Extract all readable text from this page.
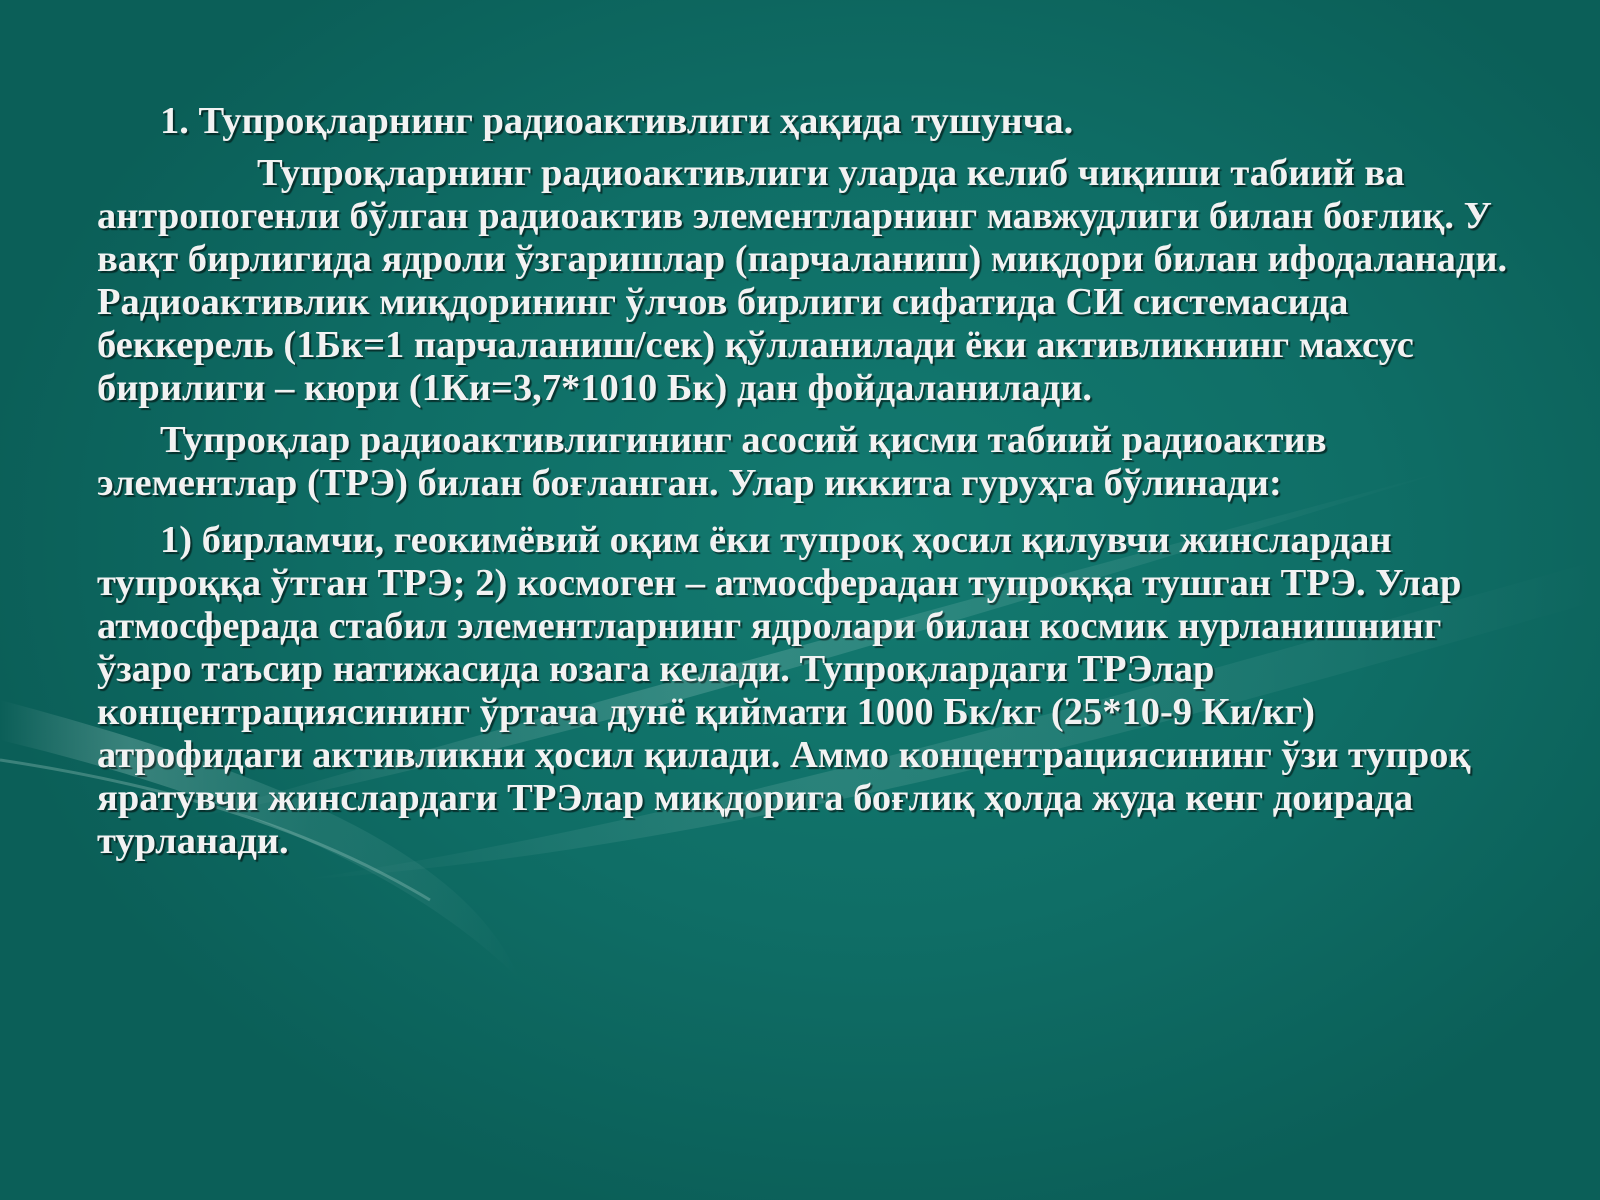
1. Тупроқларнинг радиоактивлиги ҳақида тушунча.

Тупроқларнинг радиоактивлиги уларда келиб чиқиши табиий ва антропогенли бўлган радиоактив элементларнинг мавжудлиги билан боғлиқ. У вақт бирлигида ядроли ўзгаришлар (парчаланиш) миқдори билан ифодаланади. Радиоактивлик миқдорининг ўлчов бирлиги сифатида СИ системасида беккерель (1Бк=1 парчаланиш/сек) қўлланилади ёки активликнинг махсус бирилиги – кюри (1Ки=3,7*1010 Бк) дан фойдаланилади.

Тупроқлар радиоактивлигининг асосий қисми табиий радиоактив элементлар (ТРЭ) билан боғланган. Улар иккита гуруҳга бўлинади:

1) бирламчи, геокимёвий оқим ёки тупроқ ҳосил қилувчи жинслардан тупроққа ўтган ТРЭ; 2) космоген – атмосферадан тупроққа тушган ТРЭ. Улар атмосферада стабил элементларнинг ядролари билан космик нурланишнинг ўзаро таъсир натижасида юзага келади. Тупроқлардаги ТРЭлар концентрациясининг ўртача дунё қиймати 1000 Бк/кг (25*10-9 Ки/кг) атрофидаги активликни ҳосил қилади. Аммо концентрациясининг ўзи тупроқ яратувчи жинслардаги ТРЭлар миқдорига боғлиқ ҳолда жуда кенг доирада турланади.
